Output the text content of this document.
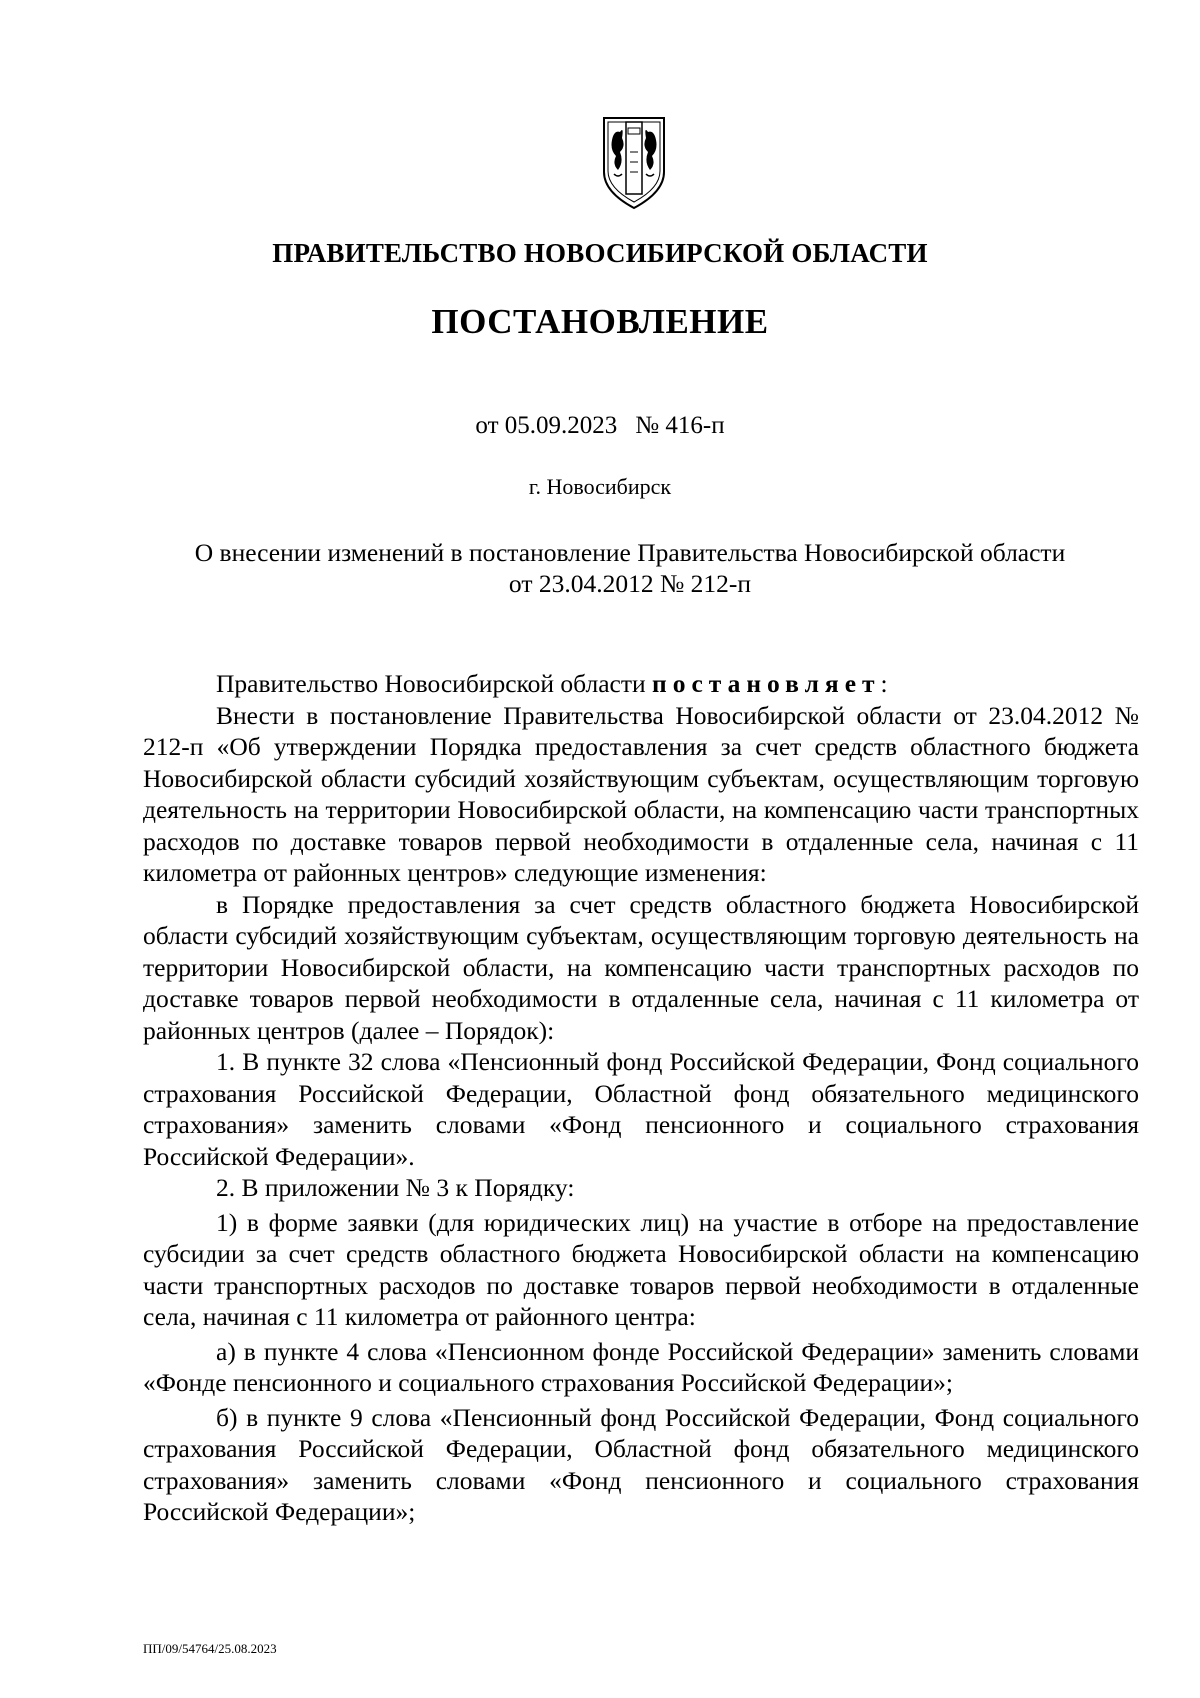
ПРАВИТЕЛЬСТВО НОВОСИБИРСКОЙ ОБЛАСТИ
ПОСТАНОВЛЕНИЕ
от 05.09.2023 № 416-п
г. Новосибирск
О внесении изменений в постановление Правительства Новосибирской области
от 23.04.2012 № 212-п

Правительство Новосибирской области постановляет:

Внести в постановление Правительства Новосибирской области от 23.04.2012 № 212-п «Об утверждении Порядка предоставления за счет средств областного бюджета Новосибирской области субсидий хозяйствующим субъектам, осуществляющим торговую деятельность на территории Новосибирской области, на компенсацию части транспортных расходов по доставке товаров первой необходимости в отдаленные села, начиная с 11 километра от районных центров» следующие изменения:

в Порядке предоставления за счет средств областного бюджета Новосибирской области субсидий хозяйствующим субъектам, осуществляющим торговую деятельность на территории Новосибирской области, на компенсацию части транспортных расходов по доставке товаров первой необходимости в отдаленные села, начиная с 11 километра от районных центров (далее – Порядок):

1. В пункте 32 слова «Пенсионный фонд Российской Федерации, Фонд социального страхования Российской Федерации, Областной фонд обязательного медицинского страхования» заменить словами «Фонд пенсионного и социального страхования Российской Федерации».

2. В приложении № 3 к Порядку:

1) в форме заявки (для юридических лиц) на участие в отборе на предоставление субсидии за счет средств областного бюджета Новосибирской области на компенсацию части транспортных расходов по доставке товаров первой необходимости в отдаленные села, начиная с 11 километра от районного центра:

а) в пункте 4 слова «Пенсионном фонде Российской Федерации» заменить словами «Фонде пенсионного и социального страхования Российской Федерации»;

б) в пункте 9 слова «Пенсионный фонд Российской Федерации, Фонд социального страхования Российской Федерации, Областной фонд обязательного медицинского страхования» заменить словами «Фонд пенсионного и социального страхования Российской Федерации»;

ПП/09/54764/25.08.2023
